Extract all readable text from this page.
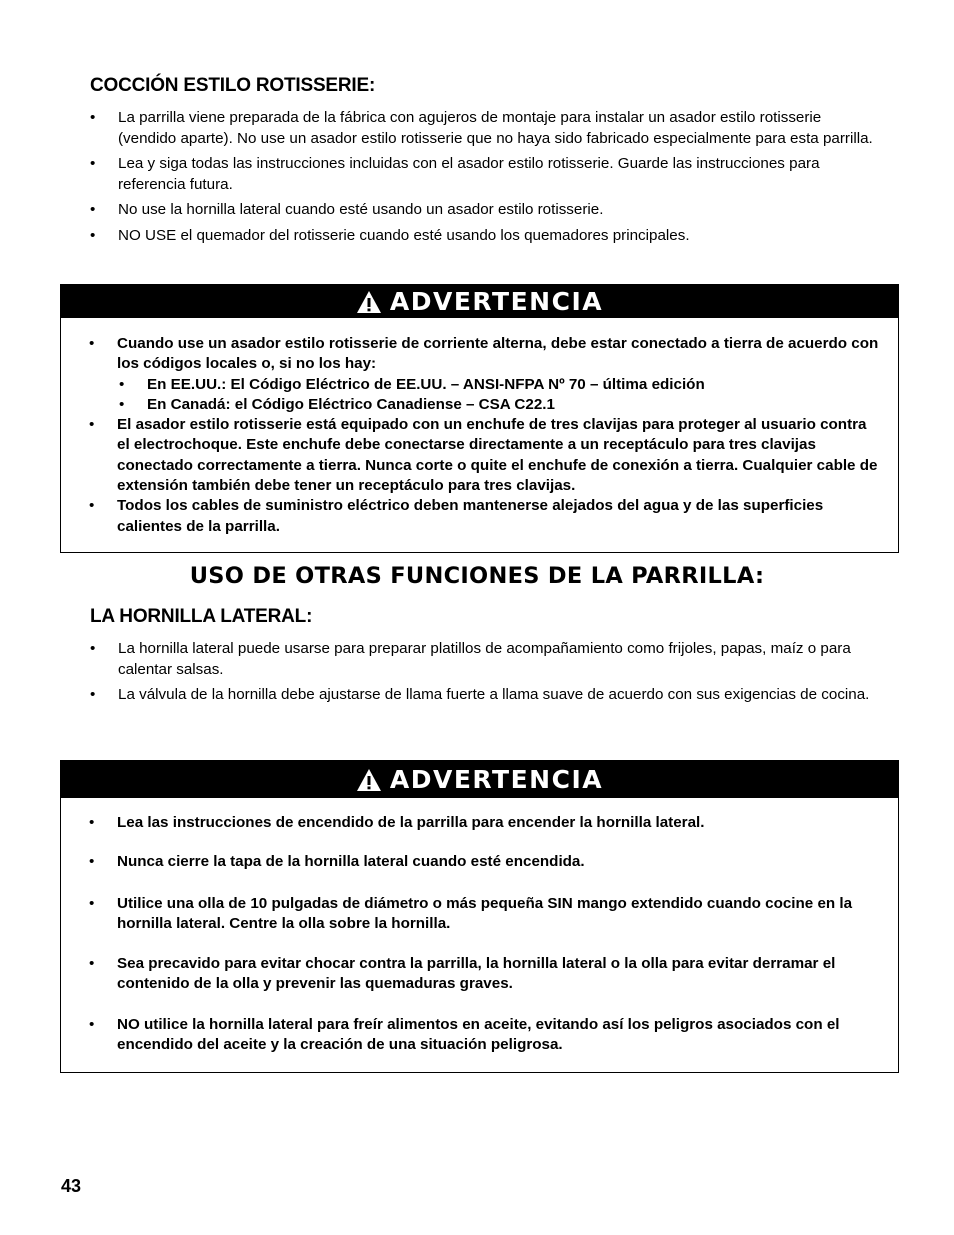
COCCIÓN ESTILO ROTISSERIE:
• La parrilla viene preparada de la fábrica con agujeros de montaje para instalar un asador estilo rotisserie (vendido aparte). No use un asador estilo rotisserie que no haya sido fabricado especialmente para esta parrilla.
• Lea y siga todas las instrucciones incluidas con el asador estilo rotisserie. Guarde las instrucciones para referencia futura.
• No use la hornilla lateral cuando esté usando un asador estilo rotisserie.
• NO USE el quemador del rotisserie cuando esté usando los quemadores principales.
ADVERTENCIA
• Cuando use un asador estilo rotisserie de corriente alterna, debe estar conectado a tierra de acuerdo con los códigos locales o, si no los hay:
• En EE.UU.: El Código Eléctrico de EE.UU. – ANSI-NFPA Nº 70 – última edición
• En Canadá: el Código Eléctrico Canadiense – CSA C22.1
• El asador estilo rotisserie está equipado con un enchufe de tres clavijas para proteger al usuario contra el electrochoque. Este enchufe debe conectarse directamente a un receptáculo para tres clavijas conectado correctamente a tierra. Nunca corte o quite el enchufe de conexión a tierra. Cualquier cable de extensión también debe tener un receptáculo para tres clavijas.
• Todos los cables de suministro eléctrico deben mantenerse alejados del agua y de las superficies calientes de la parrilla.
USO DE OTRAS FUNCIONES DE LA PARRILLA:
LA HORNILLA LATERAL:
• La hornilla lateral puede usarse para preparar platillos de acompañamiento como frijoles, papas, maíz o para calentar salsas.
• La válvula de la hornilla debe ajustarse de llama fuerte a llama suave de acuerdo con sus exigencias de cocina.
ADVERTENCIA
• Lea las instrucciones de encendido de la parrilla para encender la hornilla lateral.
• Nunca cierre la tapa de la hornilla lateral cuando esté encendida.
• Utilice una olla de 10 pulgadas de diámetro o más pequeña SIN mango extendido cuando cocine en la hornilla lateral. Centre la olla sobre la hornilla.
• Sea precavido para evitar chocar contra la parrilla, la hornilla lateral o la olla para evitar derramar el contenido de la olla y prevenir las quemaduras graves.
• NO utilice la hornilla lateral para freír alimentos en aceite, evitando así los peligros asociados con el encendido del aceite y la creación de una situación peligrosa.
43
